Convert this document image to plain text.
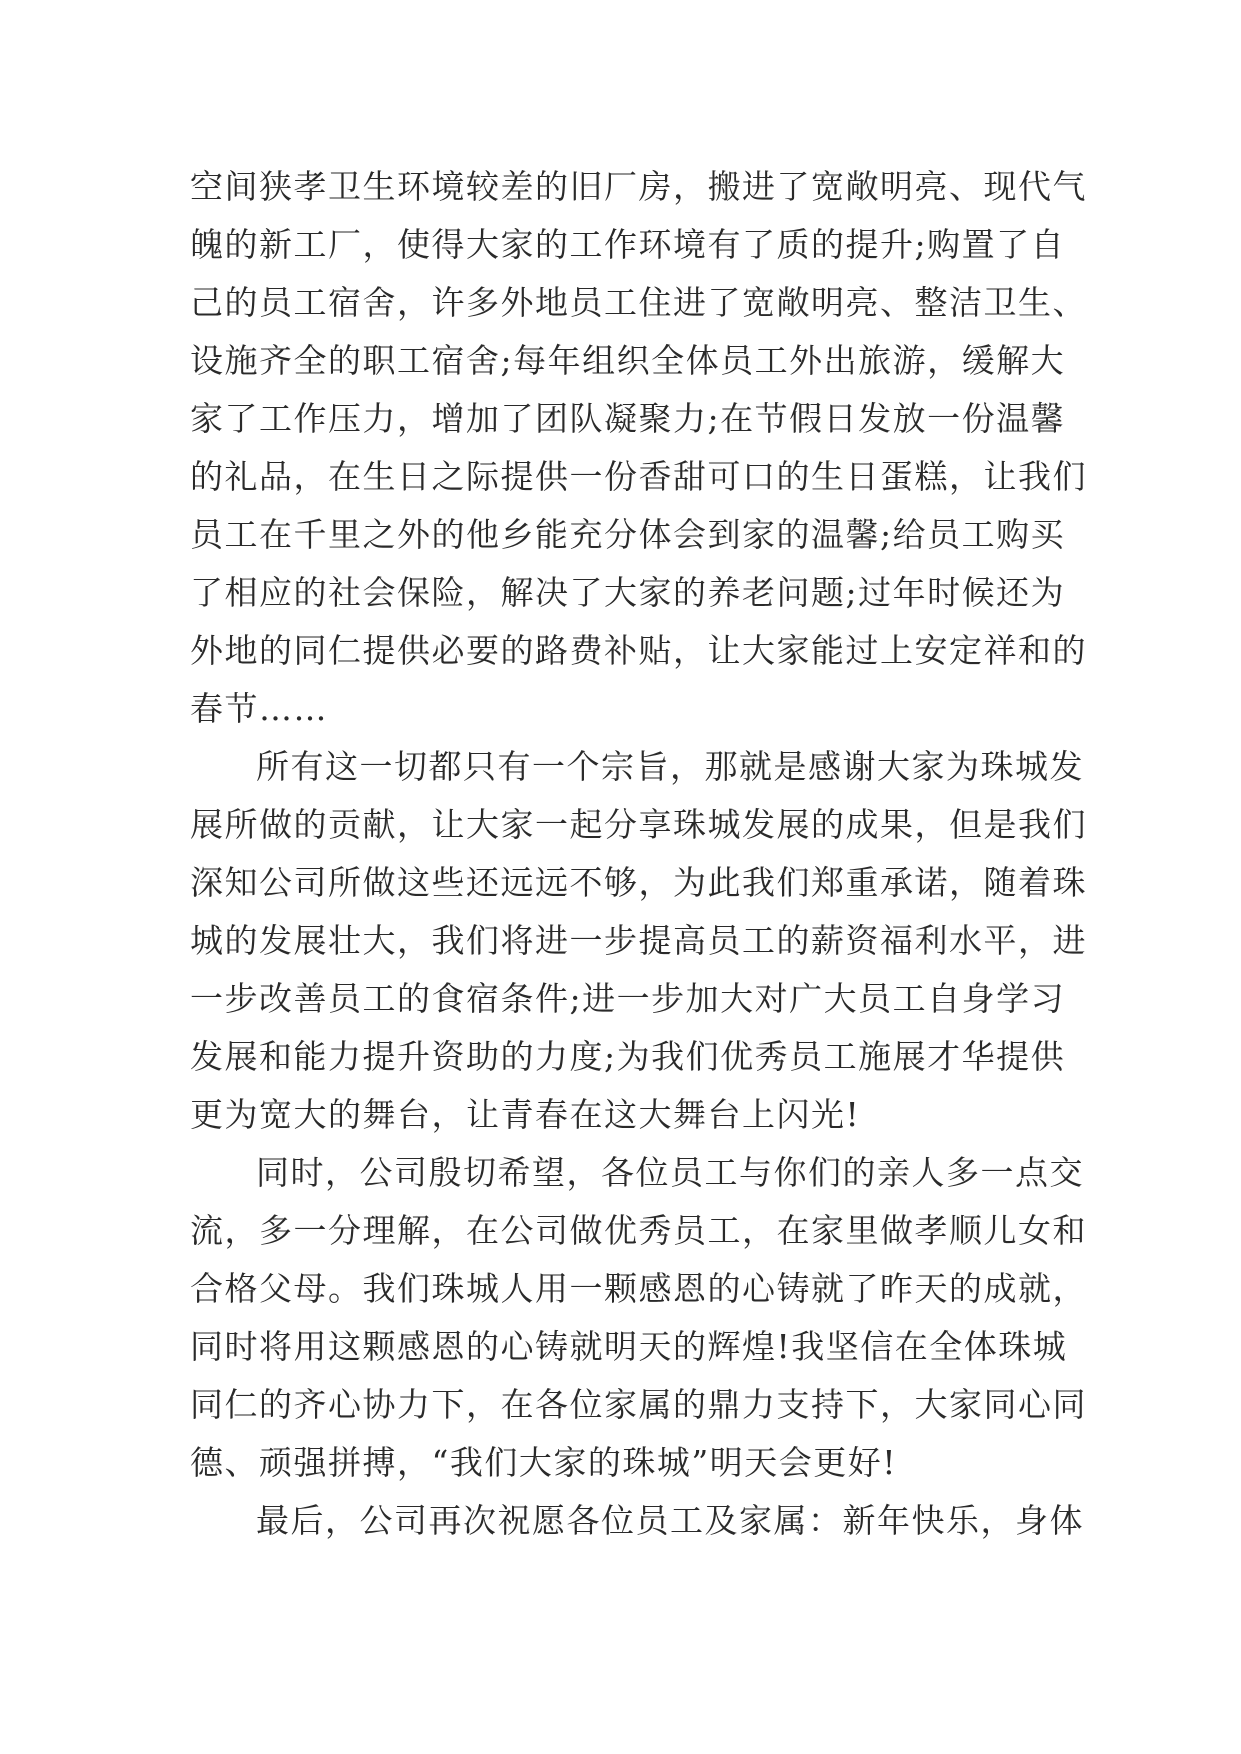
空间狭孝卫生环境较差的旧厂房，搬进了宽敞明亮、现代气
魄的新工厂，使得大家的工作环境有了质的提升;购置了自
己的员工宿舍，许多外地员工住进了宽敞明亮、整洁卫生、
设施齐全的职工宿舍;每年组织全体员工外出旅游，缓解大
家了工作压力，增加了团队凝聚力;在节假日发放一份温馨
的礼品，在生日之际提供一份香甜可口的生日蛋糕，让我们
员工在千里之外的他乡能充分体会到家的温馨;给员工购买
了相应的社会保险，解决了大家的养老问题;过年时候还为
外地的同仁提供必要的路费补贴，让大家能过上安定祥和的
春节……
所有这一切都只有一个宗旨，那就是感谢大家为珠城发
展所做的贡献，让大家一起分享珠城发展的成果，但是我们
深知公司所做这些还远远不够，为此我们郑重承诺，随着珠
城的发展壮大，我们将进一步提高员工的薪资福利水平，进
一步改善员工的食宿条件;进一步加大对广大员工自身学习
发展和能力提升资助的力度;为我们优秀员工施展才华提供
更为宽大的舞台，让青春在这大舞台上闪光!
同时，公司殷切希望，各位员工与你们的亲人多一点交
流，多一分理解，在公司做优秀员工，在家里做孝顺儿女和
合格父母。我们珠城人用一颗感恩的心铸就了昨天的成就，
同时将用这颗感恩的心铸就明天的辉煌!我坚信在全体珠城
同仁的齐心协力下，在各位家属的鼎力支持下，大家同心同
德、顽强拼搏，“我们大家的珠城”明天会更好!
最后，公司再次祝愿各位员工及家属：新年快乐，身体
